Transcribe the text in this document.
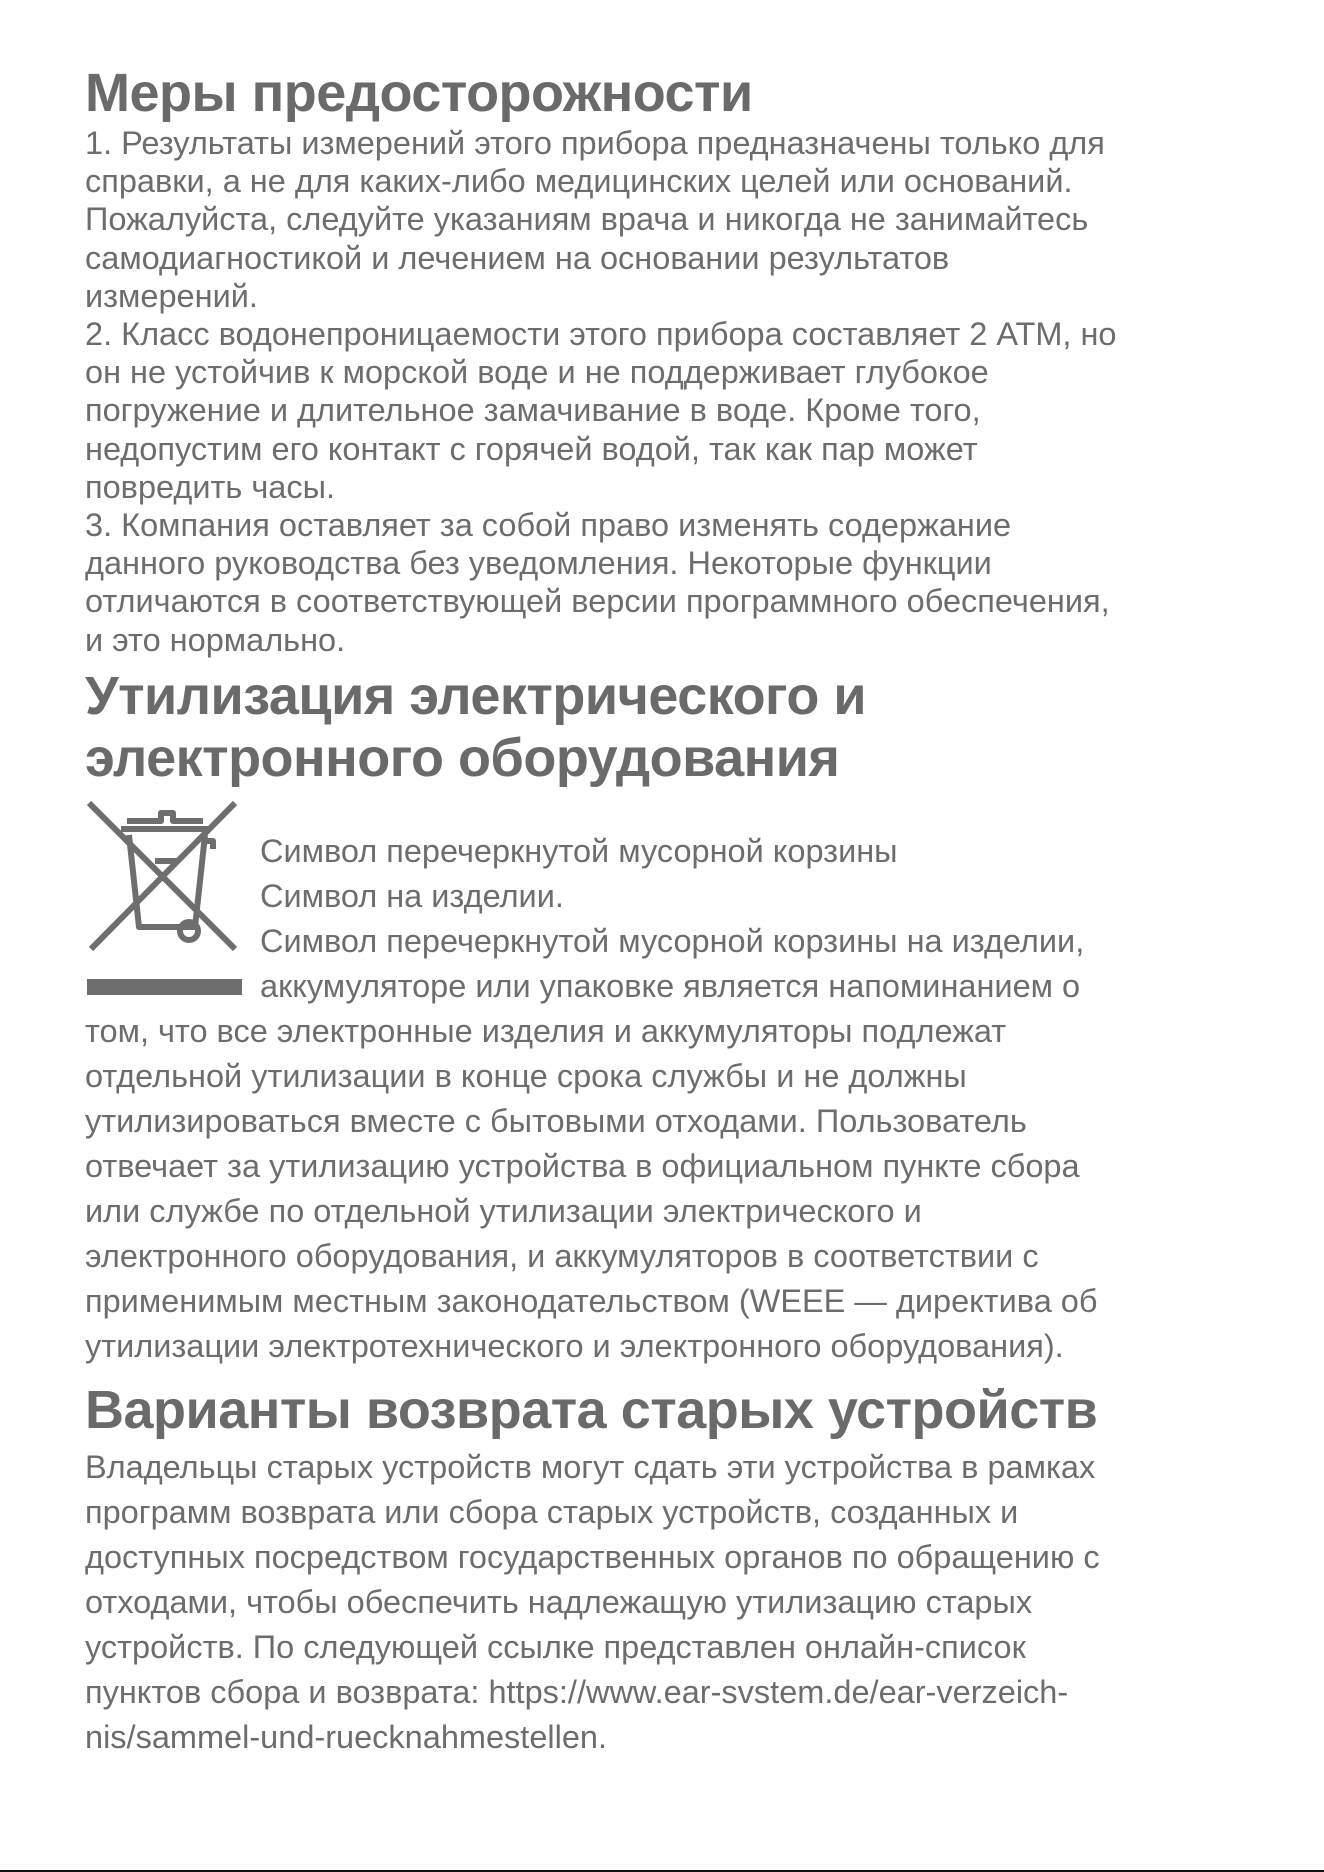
Меры предосторожности

1. Результаты измерений этого прибора предназначены только для
справки, а не для каких-либо медицинских целей или оснований.
Пожалуйста, следуйте указаниям врача и никогда не занимайтесь
самодиагностикой и лечением на основании результатов
измерений.
2. Класс водонепроницаемости этого прибора составляет 2 АТМ, но
он не устойчив к морской воде и не поддерживает глубокое
погружение и длительное замачивание в воде. Кроме того,
недопустим его контакт с горячей водой, так как пар может
повредить часы.
3. Компания оставляет за собой право изменять содержание
данного руководства без уведомления. Некоторые функции
отличаются в соответствующей версии программного обеспечения,
и это нормально.

Утилизация электрического и
электронного оборудования
Символ перечеркнутой мусорной корзины
Символ на изделии.
Символ перечеркнутой мусорной корзины на изделии,
аккумуляторе или упаковке является напоминанием о

том, что все электронные изделия и аккумуляторы подлежат
отдельной утилизации в конце срока службы и не должны
утилизироваться вместе с бытовыми отходами. Пользователь
отвечает за утилизацию устройства в официальном пункте сбора
или службе по отдельной утилизации электрического и
электронного оборудования, и аккумуляторов в соответствии с
применимым местным законодательством (WEEE — директива об
утилизации электротехнического и электронного оборудования).

Варианты возврата старых устройств

Владельцы старых устройств могут сдать эти устройства в рамках
программ возврата или сбора старых устройств, созданных и
доступных посредством государственных органов по обращению с
отходами, чтобы обеспечить надлежащую утилизацию старых
устройств. По следующей ссылке представлен онлайн-список
пунктов сбора и возврата: https://www.ear-svstem.de/ear-verzeich-
nis/sammel-und-ruecknahmestellen.
